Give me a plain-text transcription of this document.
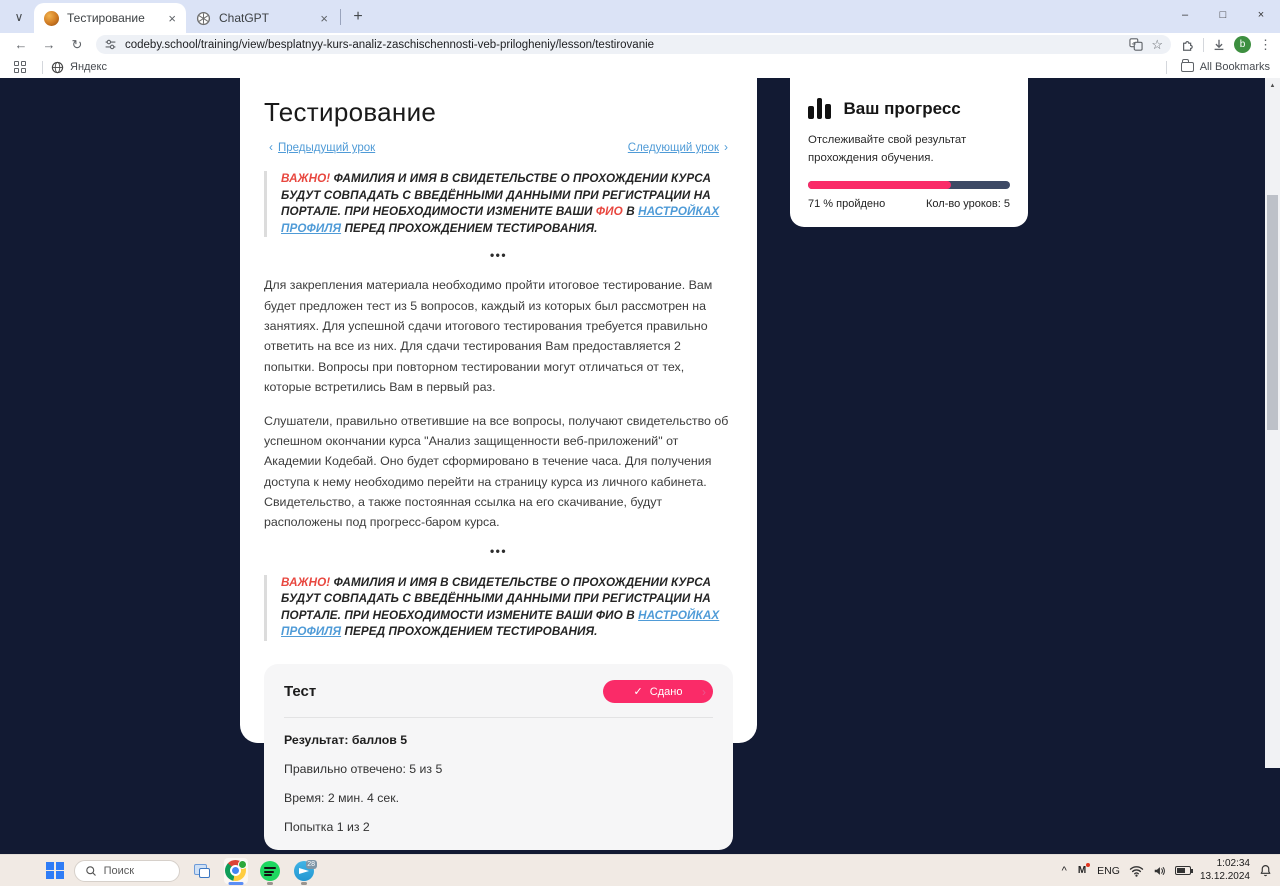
∨	Тестирование	×	ChatGPT	×	+	–	□	×
←	→	↻	codeby.school/training/view/besplatnyy-kurs-analiz-zaschischennosti-veb-prilogheniy/lesson/testirovanie	☆	b	⋮
Яндекс	All Bookmarks
Тестирование
‹ Предыдущий урок	Следующий урок ›
ВАЖНО! ФАМИЛИЯ И ИМЯ В СВИДЕТЕЛЬСТВЕ О ПРОХОЖДЕНИИ КУРСА БУДУТ СОВПАДАТЬ С ВВЕДЁННЫМИ ДАННЫМИ ПРИ РЕГИСТРАЦИИ НА ПОРТАЛЕ. ПРИ НЕОБХОДИМОСТИ ИЗМЕНИТЕ ВАШИ ФИО В НАСТРОЙКАХ ПРОФИЛЯ ПЕРЕД ПРОХОЖДЕНИЕМ ТЕСТИРОВАНИЯ.
•••

Для закрепления материала необходимо пройти итоговое тестирование. Вам будет предложен тест из 5 вопросов, каждый из которых был рассмотрен на занятиях. Для успешной сдачи итогового тестирования требуется правильно ответить на все из них. Для сдачи тестирования Вам предоставляется 2 попытки. Вопросы при повторном тестировании могут отличаться от тех, которые встретились Вам в первый раз.

Слушатели, правильно ответившие на все вопросы, получают свидетельство об успешном окончании курса "Анализ защищенности веб-приложений" от Академии Кодебай. Оно будет сформировано в течение часа. Для получения доступа к нему необходимо перейти на страницу курса из личного кабинета. Свидетельство, а также постоянная ссылка на его скачивание, будут расположены под прогресс-баром курса.

•••
ВАЖНО! ФАМИЛИЯ И ИМЯ В СВИДЕТЕЛЬСТВЕ О ПРОХОЖДЕНИИ КУРСА БУДУТ СОВПАДАТЬ С ВВЕДЁННЫМИ ДАННЫМИ ПРИ РЕГИСТРАЦИИ НА ПОРТАЛЕ. ПРИ НЕОБХОДИМОСТИ ИЗМЕНИТЕ ВАШИ ФИО В НАСТРОЙКАХ ПРОФИЛЯ ПЕРЕД ПРОХОЖДЕНИЕМ ТЕСТИРОВАНИЯ.
Тест	✓ Сдано ›
Результат: баллов 5
Правильно отвечено: 5 из 5
Время: 2 мин. 4 сек.
Попытка 1 из 2
Ваш прогресс
Отслеживайте свой результат прохождения обучения.
71 % пройдено	Кол-во уроков: 5
▲
Поиск
28
^ M ENG
1:02:34
13.12.2024
